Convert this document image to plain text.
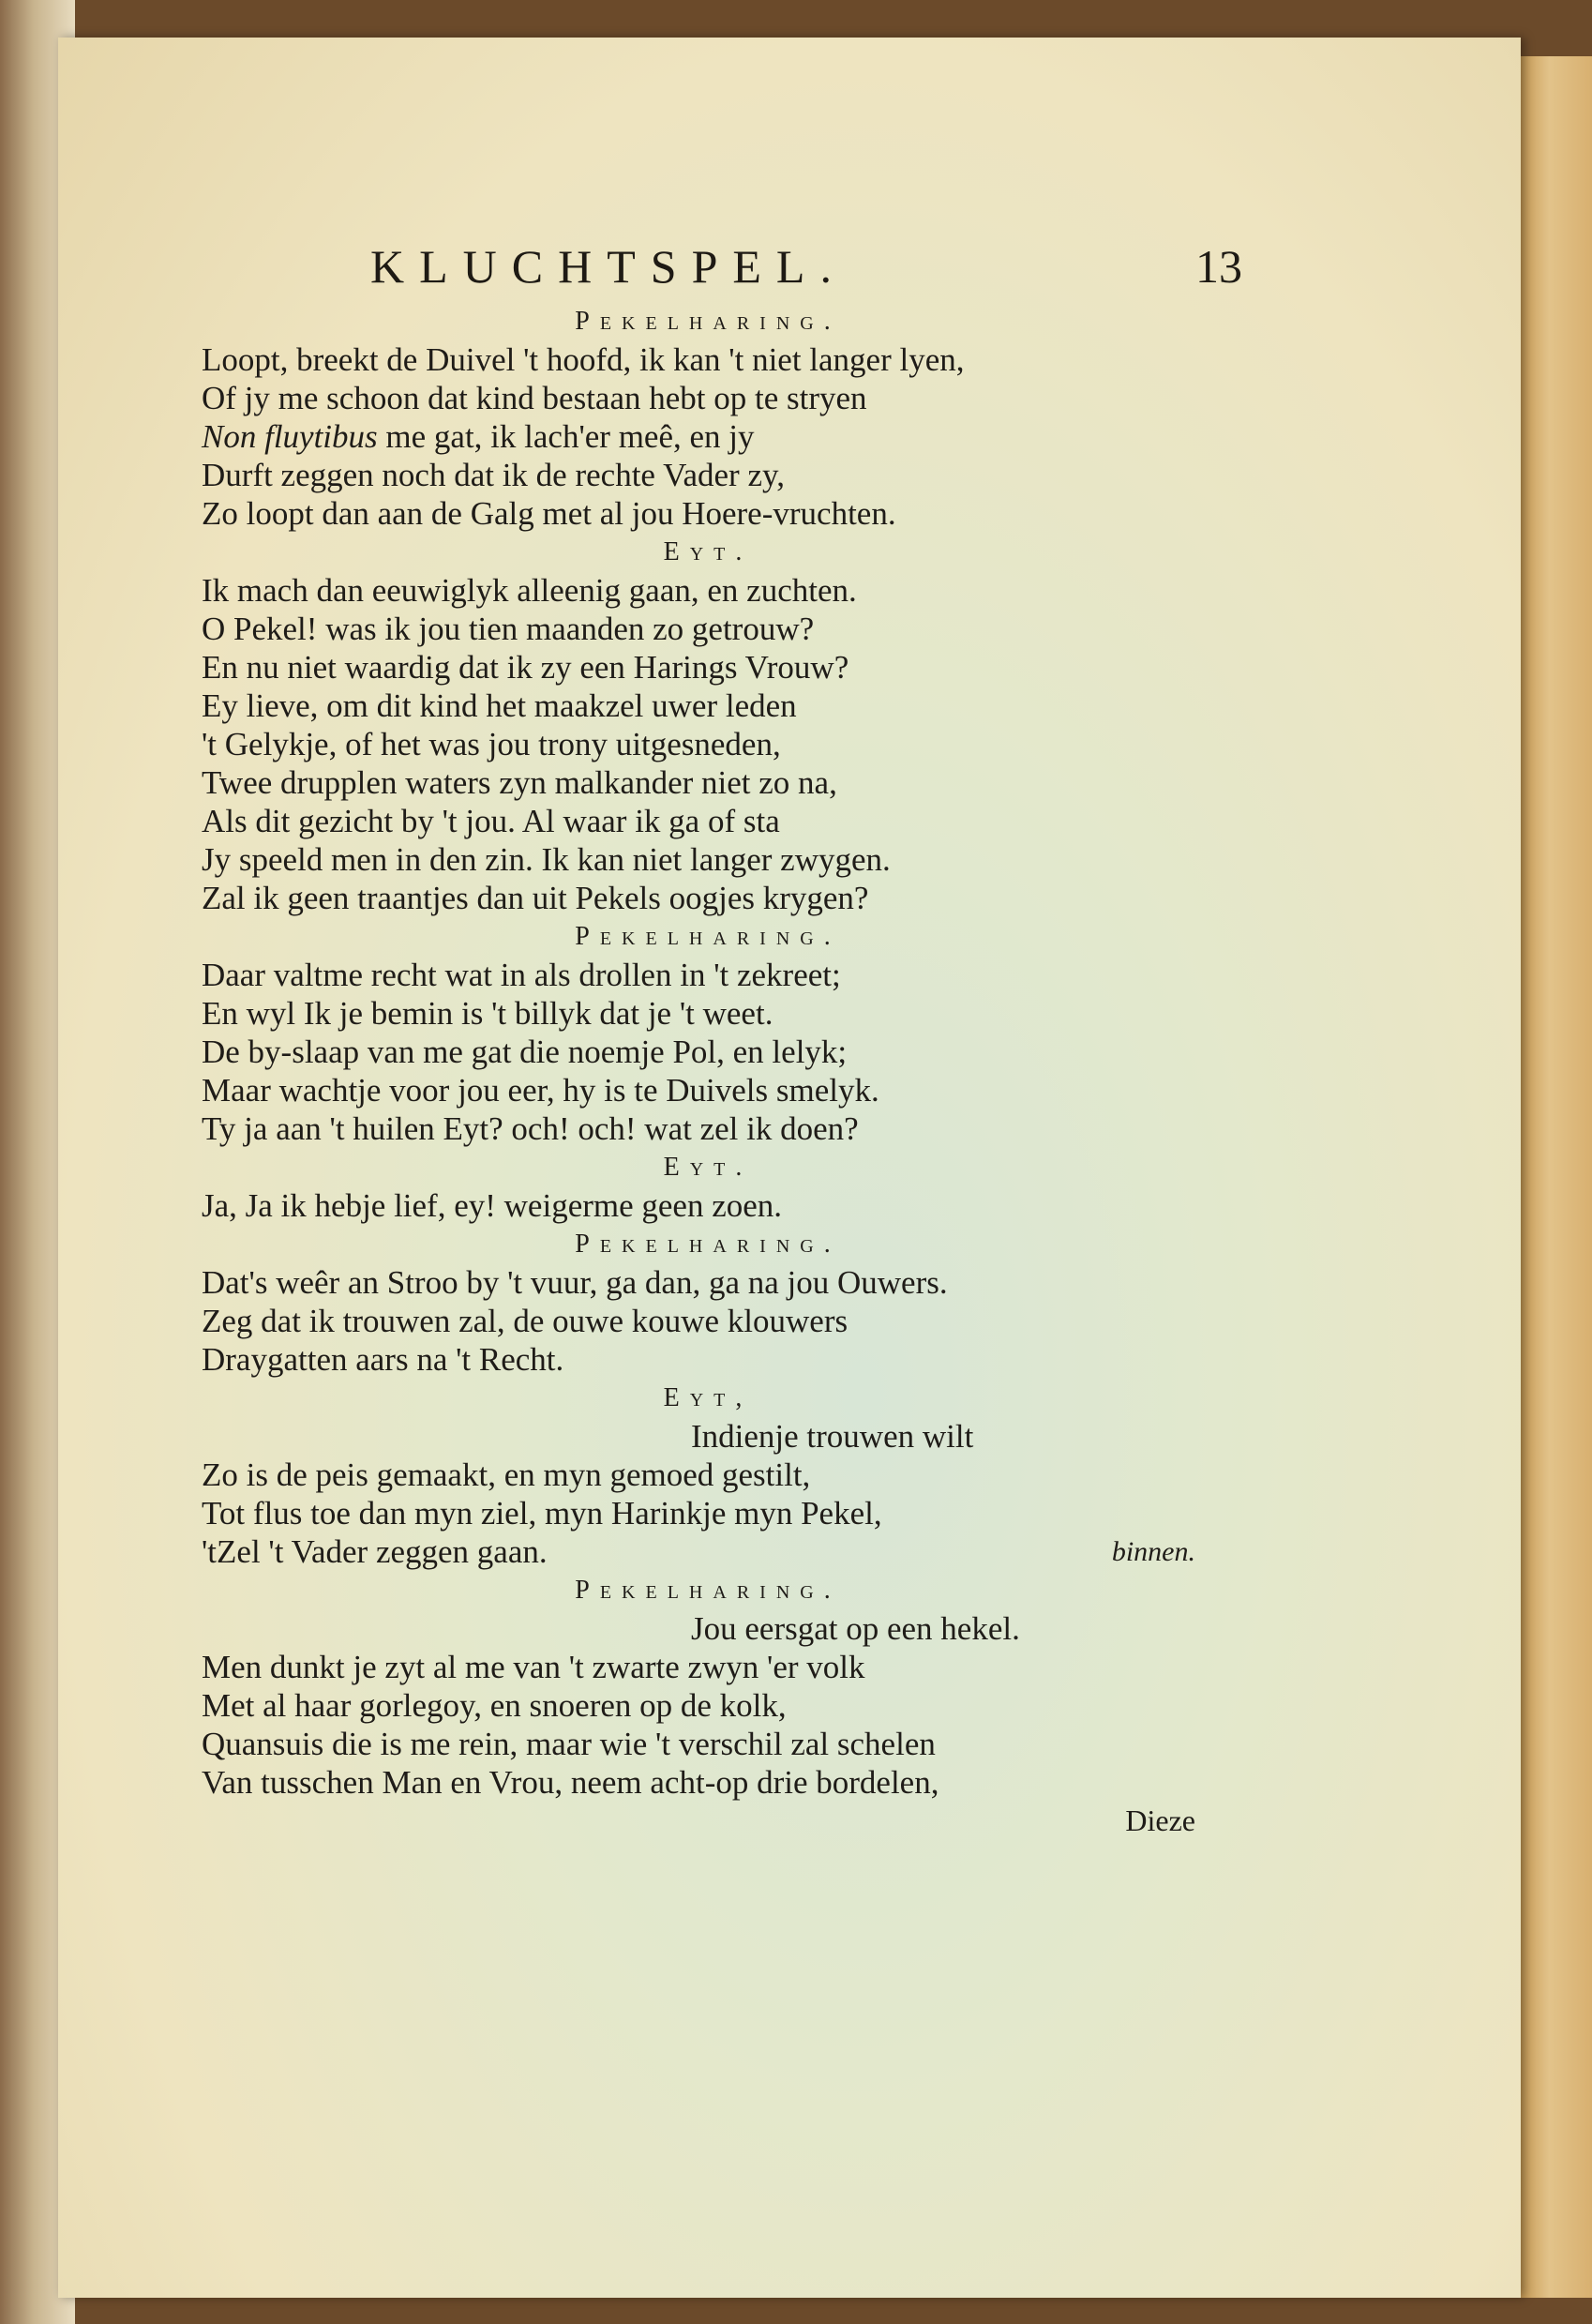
KLUCHTSPEL.	13
Pekelharing.
Loopt, breekt de Duivel 't hoofd, ik kan 't niet langer lyen,
Of jy me schoon dat kind bestaan hebt op te stryen
Non fluytibus me gat, ik lach'er meê, en jy
Durft zeggen noch dat ik de rechte Vader zy,
Zo loopt dan aan de Galg met al jou Hoere-vruchten.
Eyt.
Ik mach dan eeuwiglyk alleenig gaan, en zuchten.
O Pekel! was ik jou tien maanden zo getrouw?
En nu niet waardig dat ik zy een Harings Vrouw?
Ey lieve, om dit kind het maakzel uwer leden
't Gelykje, of het was jou trony uitgesneden,
Twee drupplen waters zyn malkander niet zo na,
Als dit gezicht by 't jou. Al waar ik ga of sta
Jy speeld men in den zin. Ik kan niet langer zwygen.
Zal ik geen traantjes dan uit Pekels oogjes krygen?
Pekelharing.
Daar valtme recht wat in als drollen in 't zekreet;
En wyl Ik je bemin is 't billyk dat je 't weet.
De by-slaap van me gat die noemje Pol, en lelyk;
Maar wachtje voor jou eer, hy is te Duivels smelyk.
Ty ja aan 't huilen Eyt? och! och! wat zel ik doen?
Eyt.
Ja, Ja ik hebje lief, ey! weigerme geen zoen.
Pekelharing.
Dat's weêr an Stroo by 't vuur, ga dan, ga na jou Ouwers.
Zeg dat ik trouwen zal, de ouwe kouwe klouwers
Draygatten aars na 't Recht.
Eyt,
Indienje trouwen wilt
Zo is de peis gemaakt, en myn gemoed gestilt,
Tot flus toe dan myn ziel, myn Harinkje myn Pekel,
'tZel 't Vader zeggen gaan.	binnen.
Pekelharing.
Jou eersgat op een hekel.
Men dunkt je zyt al me van 't zwarte zwyn 'er volk
Met al haar gorlegoy, en snoeren op de kolk,
Quansuis die is me rein, maar wie 't verschil zal schelen
Van tusschen Man en Vrou, neem acht-op drie bordelen,
Dieze
